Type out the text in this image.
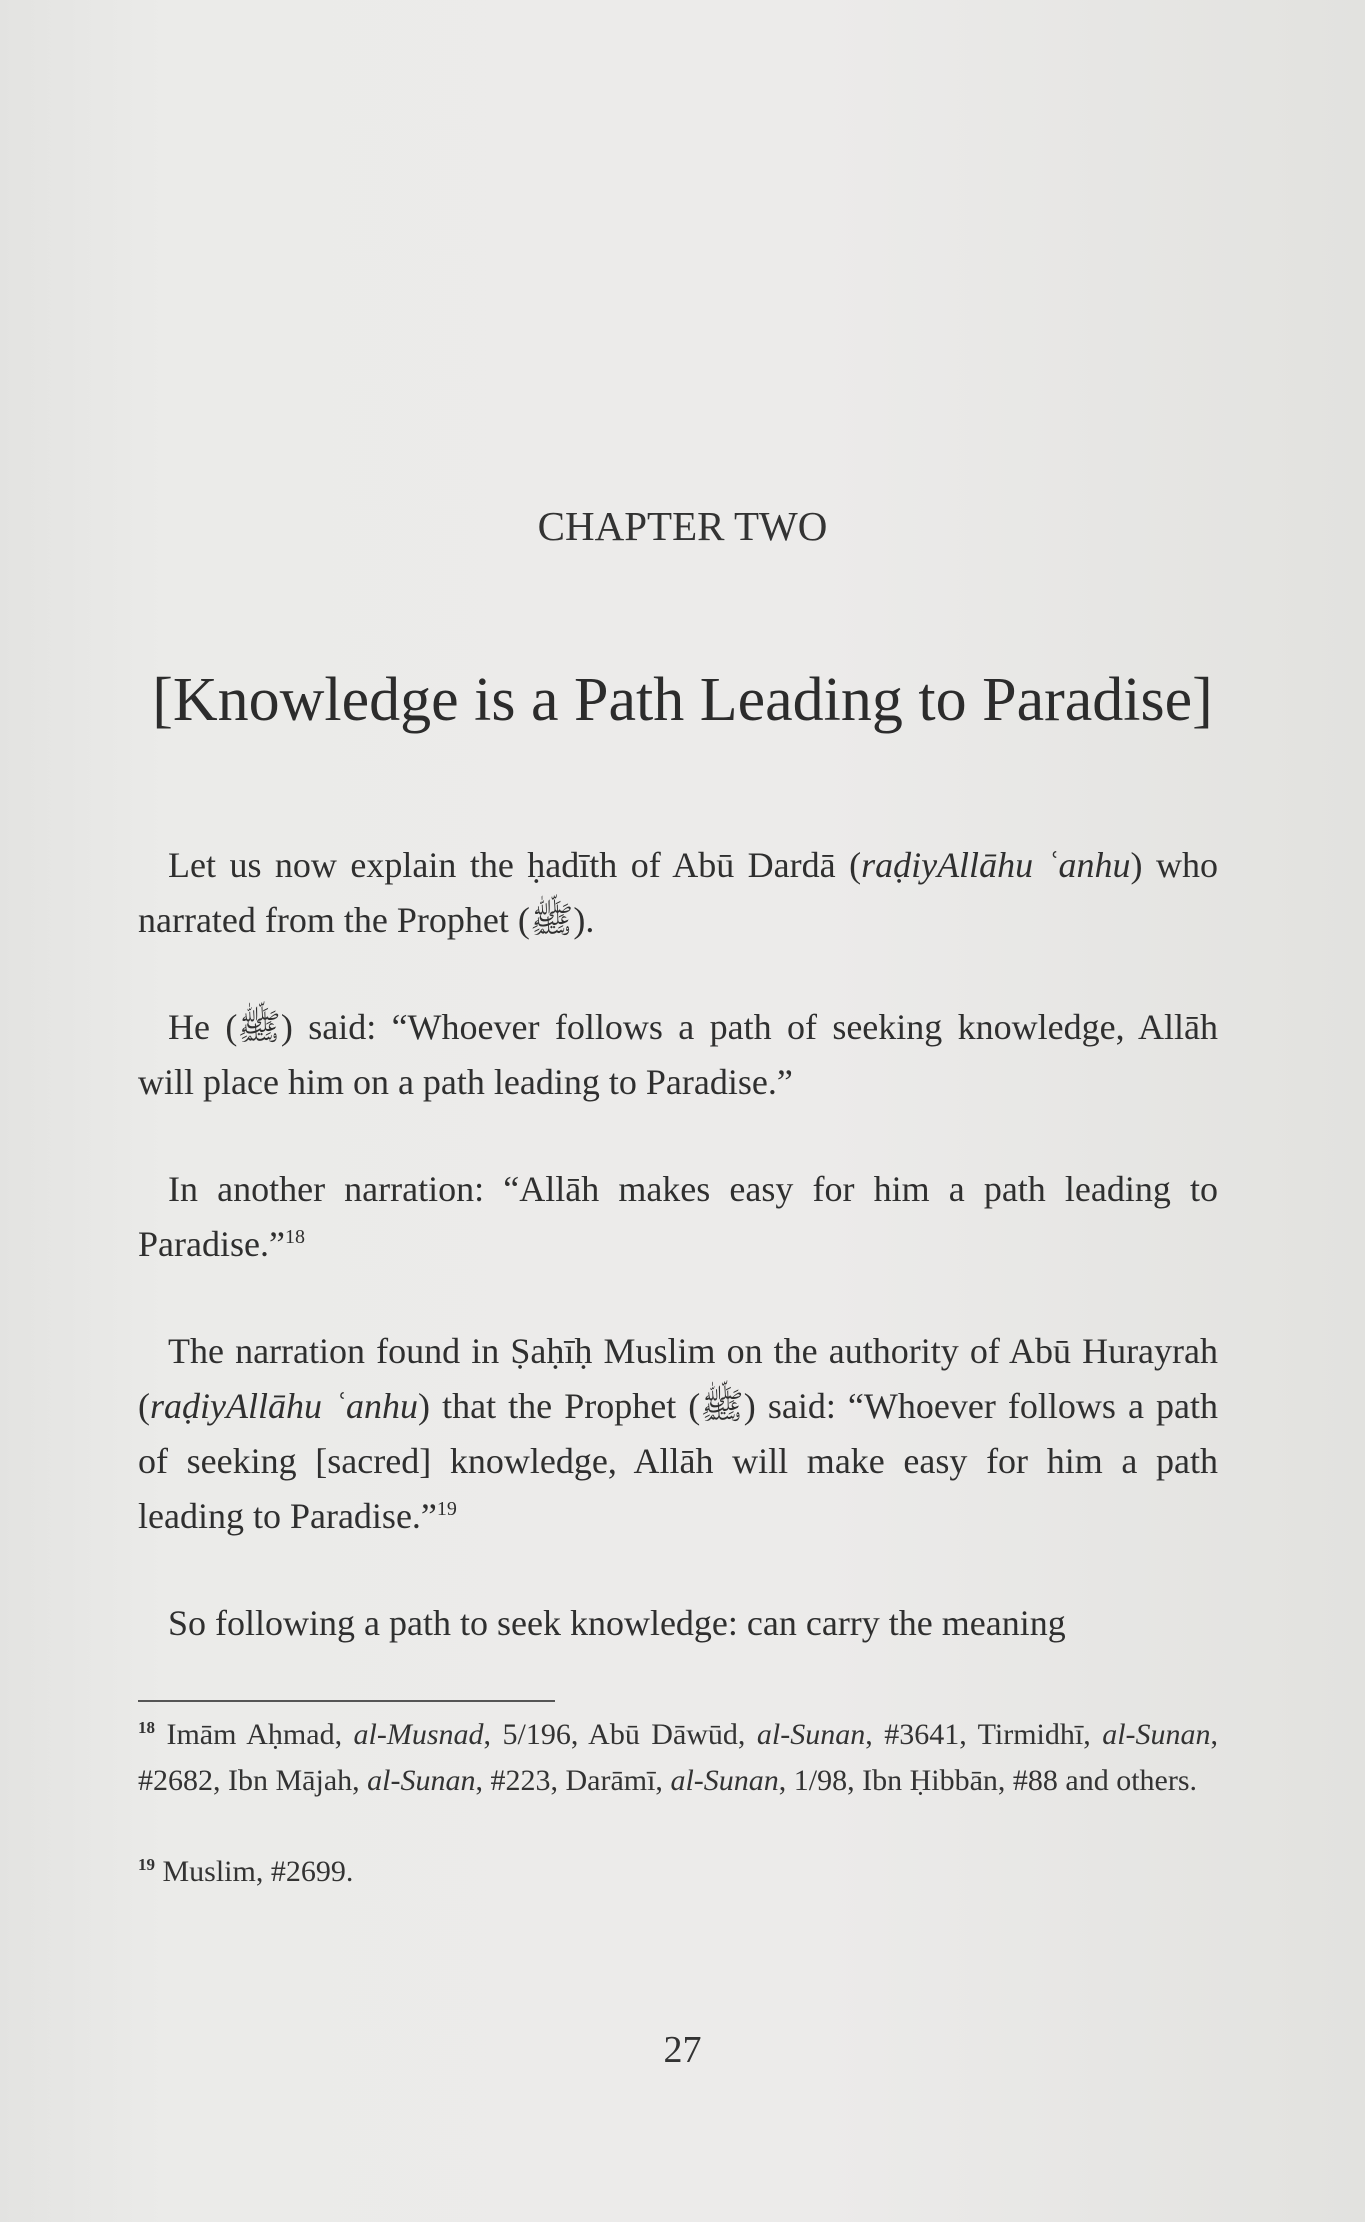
CHAPTER TWO
[Knowledge is a Path Leading to Paradise]

Let us now explain the ḥadīth of Abū Dardā (raḍiyAllāhu ʿanhu) who narrated from the Prophet (ﷺ).

He (ﷺ) said: “Whoever follows a path of seeking knowledge, Allāh will place him on a path leading to Paradise.”

In another narration: “Allāh makes easy for him a path leading to Paradise.”$^{18}$

The narration found in Ṣaḥīḥ Muslim on the authority of Abū Hurayrah (raḍiyAllāhu ʿanhu) that the Prophet (ﷺ) said: “Whoever follows a path of seeking [sacred] knowledge, Allāh will make easy for him a path leading to Paradise.”$^{19}$

So following a path to seek knowledge: can carry the meaning

$^{18}$ Imām Aḥmad, al-Musnad, 5/196, Abū Dāwūd, al-Sunan, #3641, Tirmidhī, al-Sunan, #2682, Ibn Mājah, al-Sunan, #223, Darāmī, al-Sunan, 1/98, Ibn Ḥibbān, #88 and others.

$^{19}$ Muslim, #2699.

27
